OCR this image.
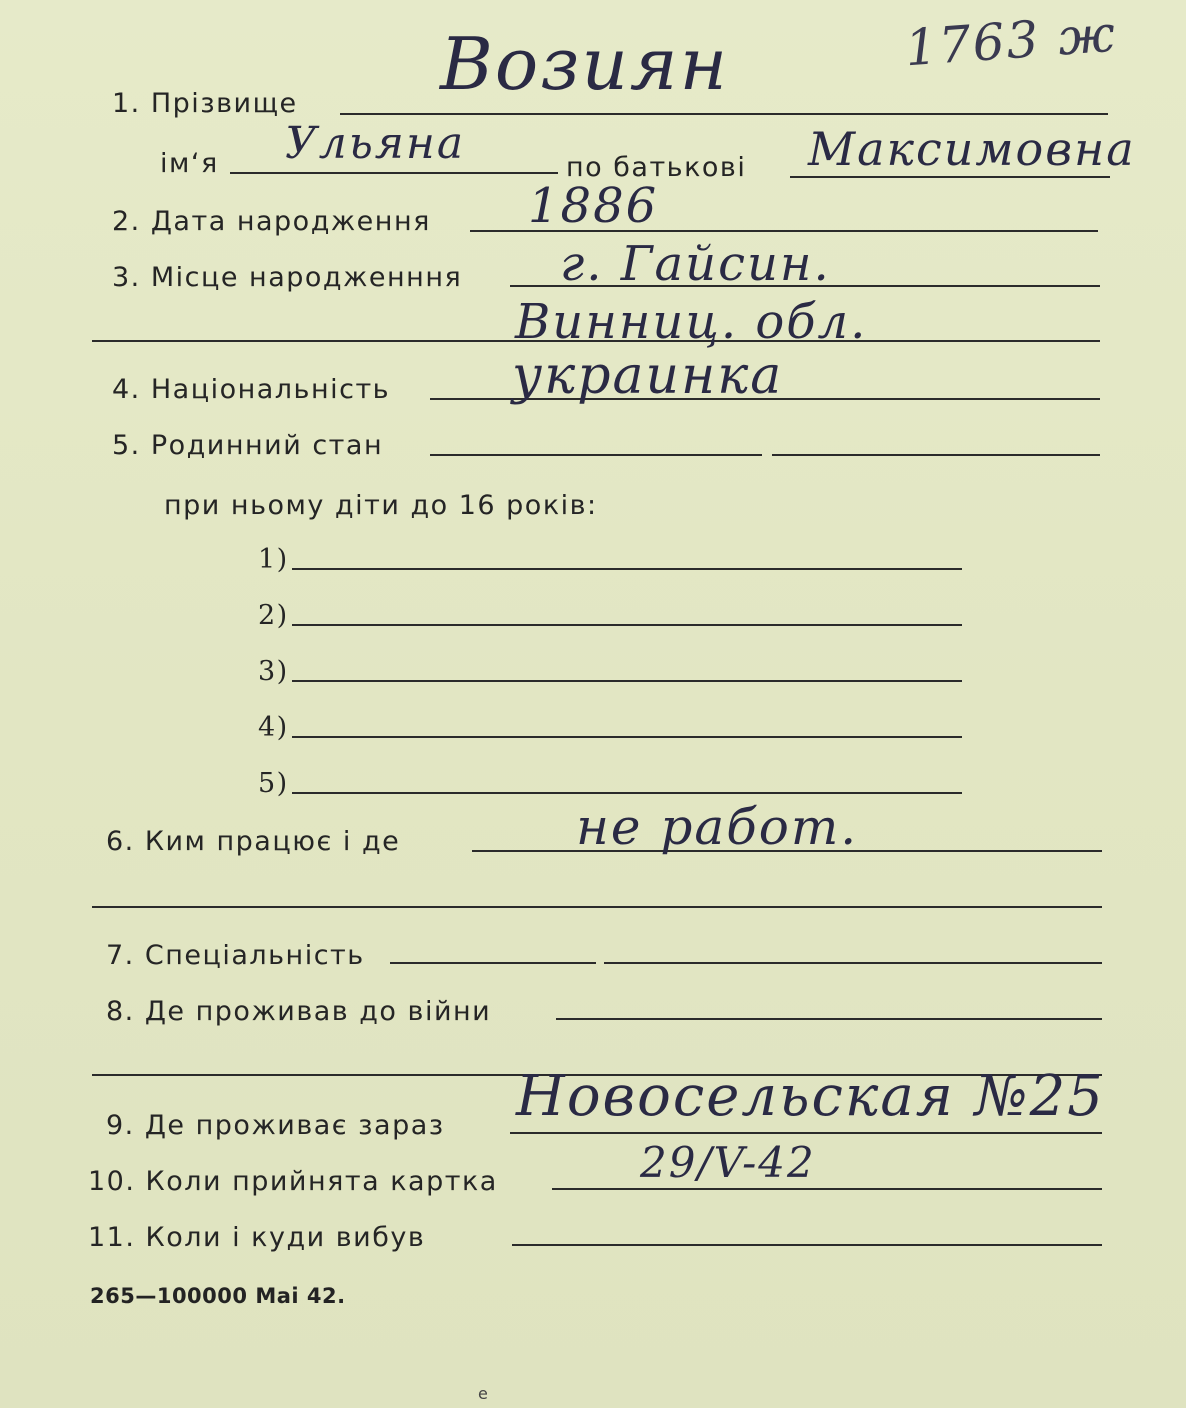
1763 ж
1. Прізвище Возиян
ім‘я Ульяна	по батькові Максимовна
2. Дата народження 1886
3. Місце народженння г. Гайсин.
Винниц. обл.
4. Національність украинка
5. Родинний стан
при ньому діти до 16 років:
1)
2)
3)
4)
5)
6. Ким працює і де	не работ.
7. Спеціальність
8. Де проживав до війни
9. Де проживає зараз Новосельская №25
10. Коли прийнята картка	29/V-42
11. Коли і куди вибув
265—100000 Mai 42.
е
